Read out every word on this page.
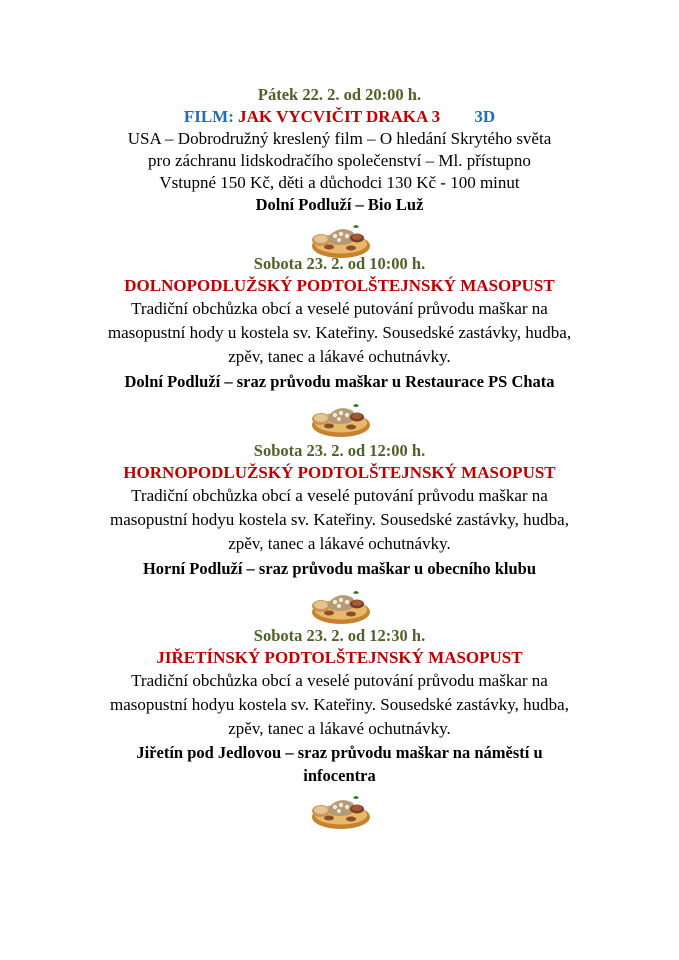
Pátek 22. 2. od 20:00 h.
FILM: JAK VYCVIČIT DRAKA 3 3D
USA – Dobrodružný kreslený film – O hledání Skrytého světa
pro záchranu lidskodračího společenství – Ml. přístupno
Vstupné 150 Kč, děti a důchodci 130 Kč - 100 minut
Dolní Podluží – Bio Luž
Sobota 23. 2. od 10:00 h.
DOLNOPODLUŽSKÝ PODTOLŠTEJNSKÝ MASOPUST
Tradiční obchůzka obcí a veselé putování průvodu maškar na
masopustní hody u kostela sv. Kateřiny. Sousedské zastávky, hudba,
zpěv, tanec a lákavé ochutnávky.
Dolní Podluží – sraz průvodu maškar u Restaurace PS Chata
Sobota 23. 2. od 12:00 h.
HORNOPODLUŽSKÝ PODTOLŠTEJNSKÝ MASOPUST
Tradiční obchůzka obcí a veselé putování průvodu maškar na
masopustní hodyu kostela sv. Kateřiny. Sousedské zastávky, hudba,
zpěv, tanec a lákavé ochutnávky.
Horní Podluží – sraz průvodu maškar u obecního klubu
Sobota 23. 2. od 12:30 h.
JIŘETÍNSKÝ PODTOLŠTEJNSKÝ MASOPUST
Tradiční obchůzka obcí a veselé putování průvodu maškar na
masopustní hodyu kostela sv. Kateřiny. Sousedské zastávky, hudba,
zpěv, tanec a lákavé ochutnávky.
Jiřetín pod Jedlovou – sraz průvodu maškar na náměstí u
infocentra
